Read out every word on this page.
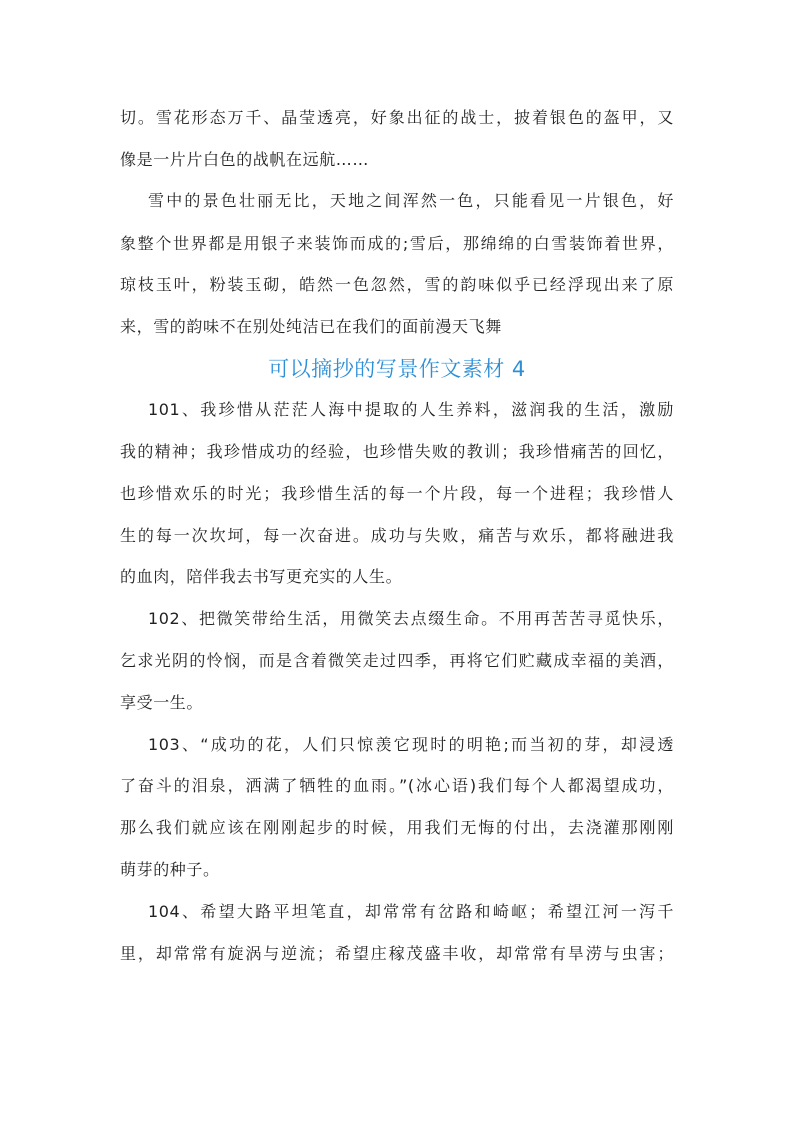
切。雪花形态万千、晶莹透亮，好象出征的战士，披着银色的盔甲，又
像是一片片白色的战帆在远航……
雪中的景色壮丽无比，天地之间浑然一色，只能看见一片银色，好
象整个世界都是用银子来装饰而成的;雪后，那绵绵的白雪装饰着世界，
琼枝玉叶，粉装玉砌，皓然一色忽然，雪的韵味似乎已经浮现出来了原
来，雪的韵味不在别处纯洁已在我们的面前漫天飞舞
可以摘抄的写景作文素材 4
101、我珍惜从茫茫人海中提取的人生养料，滋润我的生活，激励
我的精神；我珍惜成功的经验，也珍惜失败的教训；我珍惜痛苦的回忆，
也珍惜欢乐的时光；我珍惜生活的每一个片段，每一个进程；我珍惜人
生的每一次坎坷，每一次奋进。成功与失败，痛苦与欢乐，都将融进我
的血肉，陪伴我去书写更充实的人生。
102、把微笑带给生活，用微笑去点缀生命。不用再苦苦寻觅快乐，
乞求光阴的怜悯，而是含着微笑走过四季，再将它们贮藏成幸福的美酒，
享受一生。
103、“成功的花，人们只惊羡它现时的明艳;而当初的芽，却浸透
了奋斗的泪泉，洒满了牺牲的血雨。”(冰心语)我们每个人都渴望成功，
那么我们就应该在刚刚起步的时候，用我们无悔的付出，去浇灌那刚刚
萌芽的种子。
104、希望大路平坦笔直，却常常有岔路和崎岖；希望江河一泻千
里，却常常有旋涡与逆流；希望庄稼茂盛丰收，却常常有旱涝与虫害；
